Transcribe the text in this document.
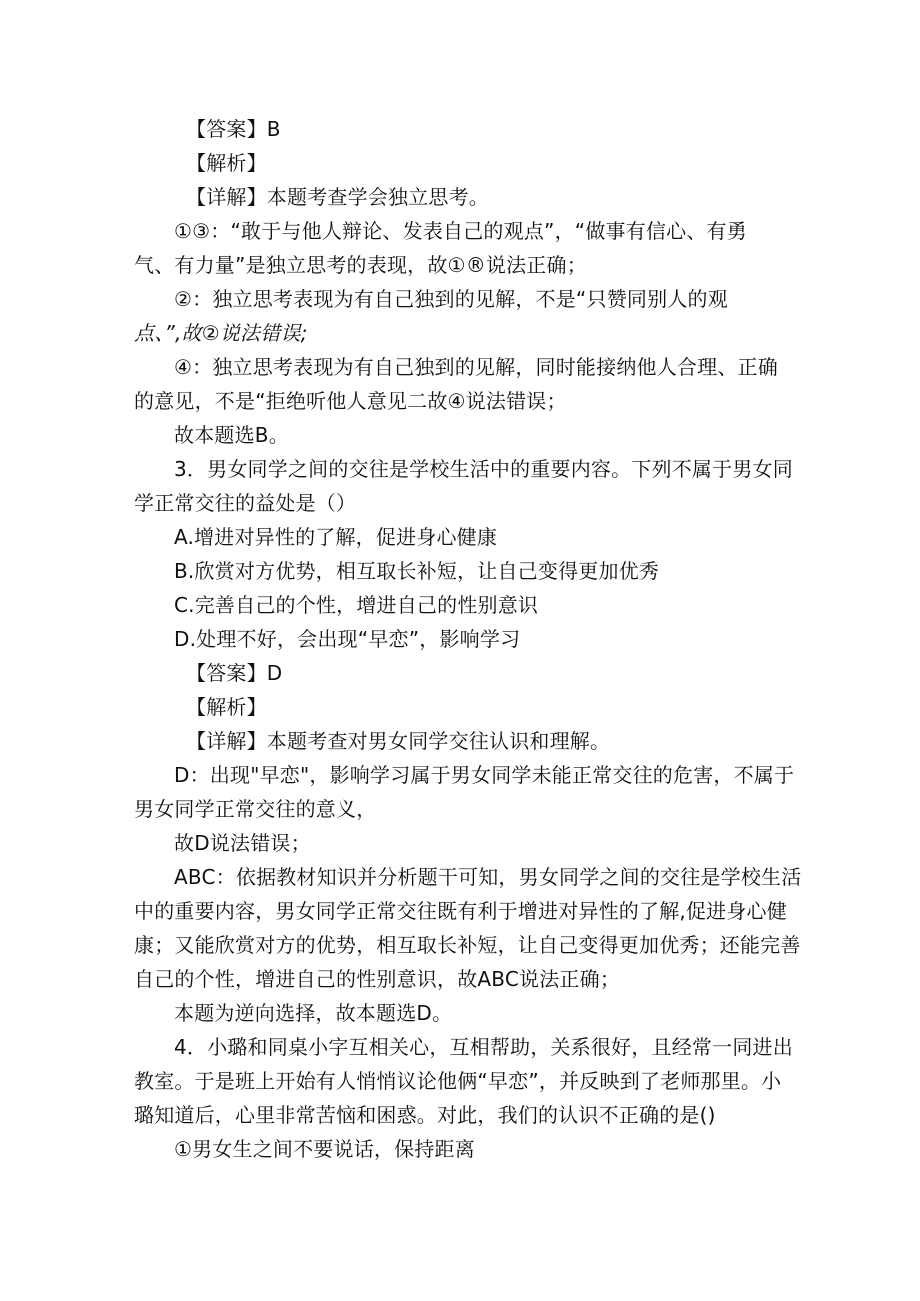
【答案】B
【解析】
【详解】本题考查学会独立思考。
①③：“敢于与他人辩论、发表自己的观点”，“做事有信心、有勇
气、有力量”是独立思考的表现，故①®说法正确；
②：独立思考表现为有自己独到的见解，不是“只赞同别人的观
点、”,故②说法错误;
④：独立思考表现为有自己独到的见解，同时能接纳他人合理、正确
的意见，不是“拒绝听他人意见二故④说法错误；
故本题选B。
3．男女同学之间的交往是学校生活中的重要内容。下列不属于男女同
学正常交往的益处是（）
A.增进对异性的了解，促进身心健康
B.欣赏对方优势，相互取长补短，让自己变得更加优秀
C.完善自己的个性，增进自己的性别意识
D.处理不好，会出现“早恋”，影响学习
【答案】D
【解析】
【详解】本题考查对男女同学交往认识和理解。
D：出现"早恋"，影响学习属于男女同学未能正常交往的危害，不属于
男女同学正常交往的意义，
故D说法错误；
ABC：依据教材知识并分析题干可知，男女同学之间的交往是学校生活
中的重要内容，男女同学正常交往既有利于增进对异性的了解,促进身心健
康；又能欣赏对方的优势，相互取长补短，让自己变得更加优秀；还能完善
自己的个性，增进自己的性别意识，故ABC说法正确；
本题为逆向选择，故本题选D。
4．小璐和同桌小字互相关心，互相帮助，关系很好，且经常一同进出
教室。于是班上开始有人悄悄议论他俩“早恋”，并反映到了老师那里。小
璐知道后，心里非常苦恼和困惑。对此，我们的认识不正确的是()
①男女生之间不要说话，保持距离
